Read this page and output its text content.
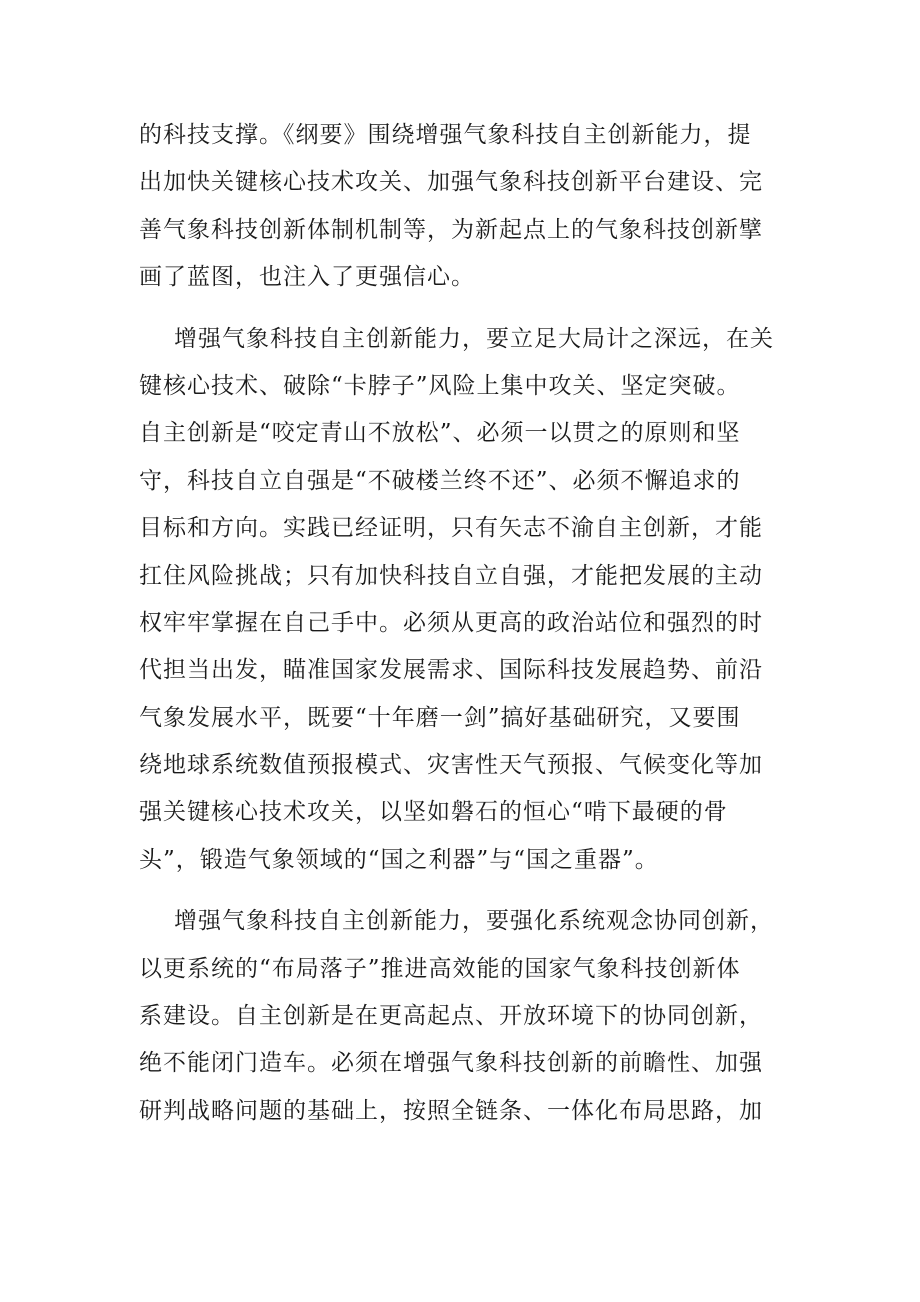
的科技支撑。《纲要》围绕增强气象科技自主创新能力，提
出加快关键核心技术攻关、加强气象科技创新平台建设、完
善气象科技创新体制机制等，为新起点上的气象科技创新擘
画了蓝图，也注入了更强信心。
增强气象科技自主创新能力，要立足大局计之深远，在关
键核心技术、破除“卡脖子”风险上集中攻关、坚定突破。
自主创新是“咬定青山不放松”、必须一以贯之的原则和坚
守，科技自立自强是“不破楼兰终不还”、必须不懈追求的
目标和方向。实践已经证明，只有矢志不渝自主创新，才能
扛住风险挑战；只有加快科技自立自强，才能把发展的主动
权牢牢掌握在自己手中。必须从更高的政治站位和强烈的时
代担当出发，瞄准国家发展需求、国际科技发展趋势、前沿
气象发展水平，既要“十年磨一剑”搞好基础研究，又要围
绕地球系统数值预报模式、灾害性天气预报、气候变化等加
强关键核心技术攻关，以坚如磐石的恒心“啃下最硬的骨
头”，锻造气象领域的“国之利器”与“国之重器”。
增强气象科技自主创新能力，要强化系统观念协同创新，
以更系统的“布局落子”推进高效能的国家气象科技创新体
系建设。自主创新是在更高起点、开放环境下的协同创新，
绝不能闭门造车。必须在增强气象科技创新的前瞻性、加强
研判战略问题的基础上，按照全链条、一体化布局思路，加
